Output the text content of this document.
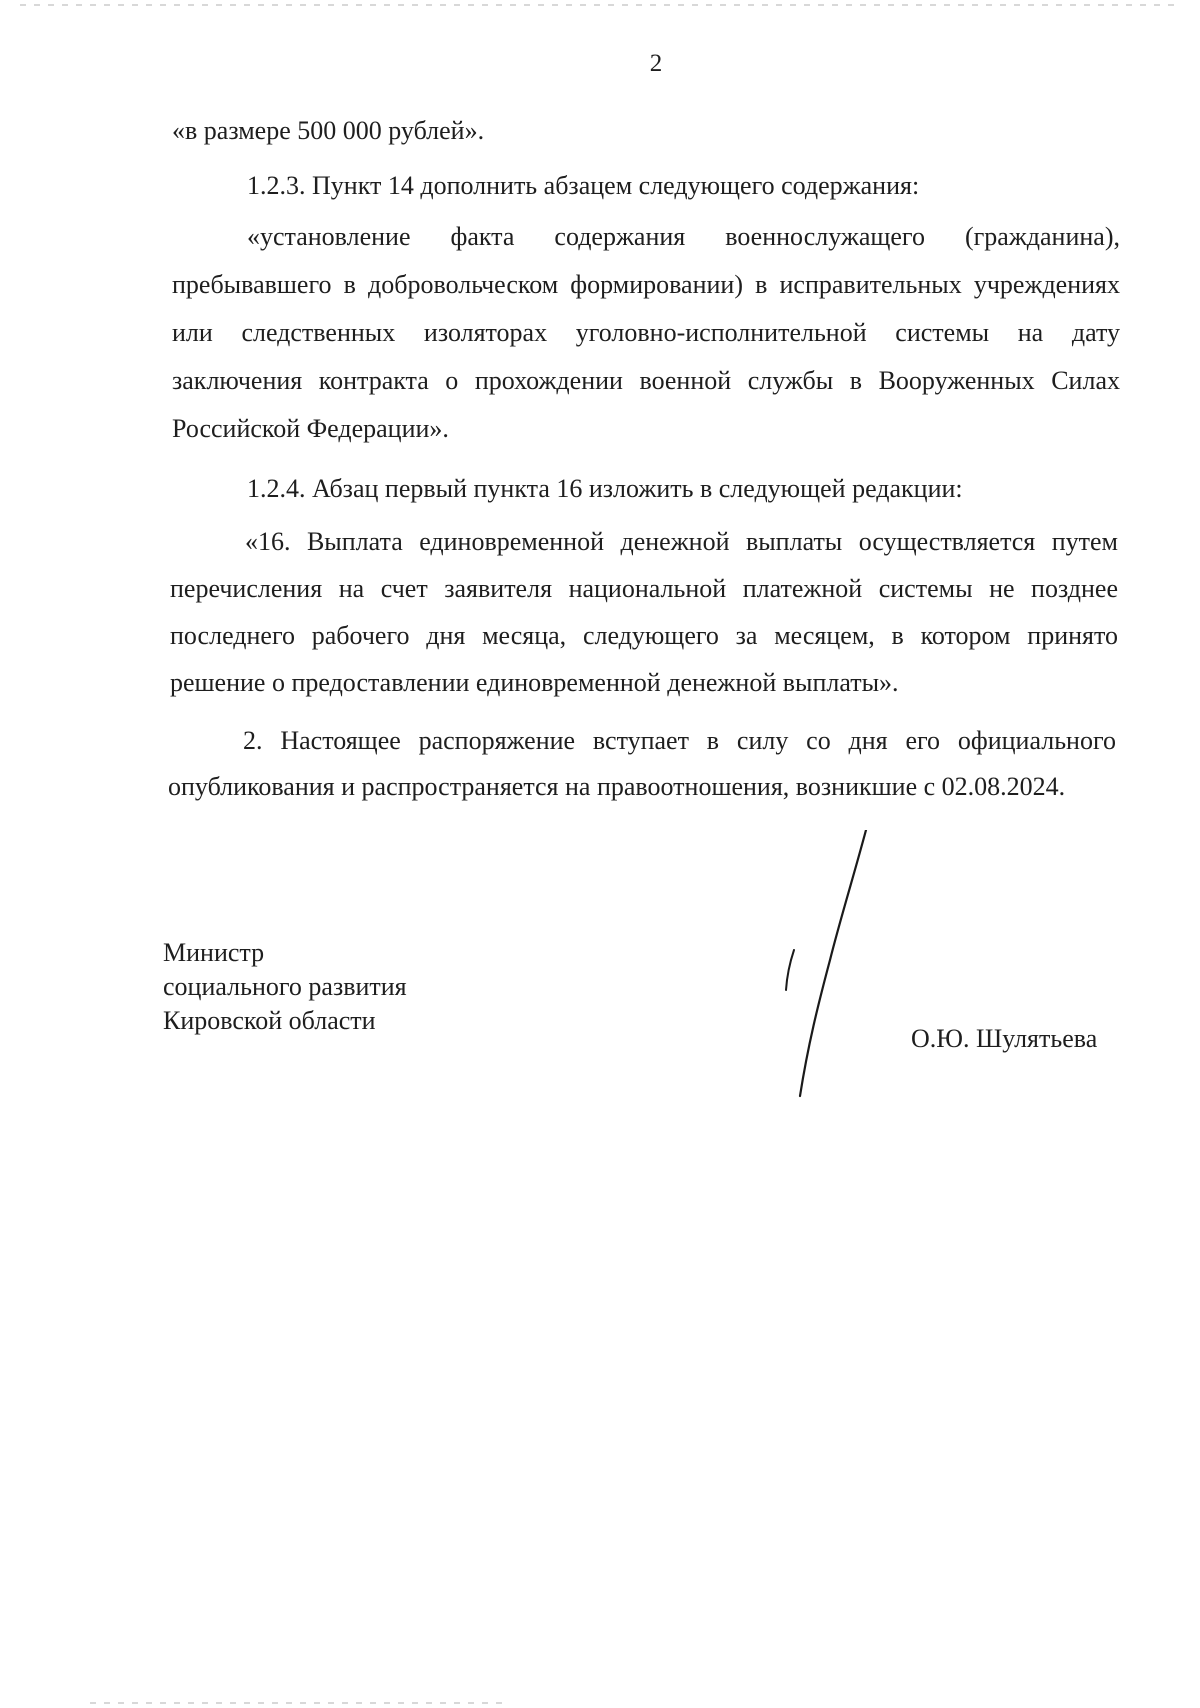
2

«в размере 500 000 рублей».

1.2.3. Пункт 14 дополнить абзацем следующего содержания:

«установление факта содержания военнослужащего (гражданина), пребывавшего в добровольческом формировании) в исправительных учреждениях или следственных изоляторах уголовно-исполнительной системы на дату заключения контракта о прохождении военной службы в Вооруженных Силах Российской Федерации».

1.2.4. Абзац первый пункта 16 изложить в следующей редакции:

«16. Выплата единовременной денежной выплаты осуществляется путем перечисления на счет заявителя национальной платежной системы не позднее последнего рабочего дня месяца, следующего за месяцем, в котором принято решение о предоставлении единовременной денежной выплаты».

2. Настоящее распоряжение вступает в силу со дня его официального опубликования и распространяется на правоотношения, возникшие с 02.08.2024.

Министр
социального развития
Кировской области
О.Ю. Шулятьева
